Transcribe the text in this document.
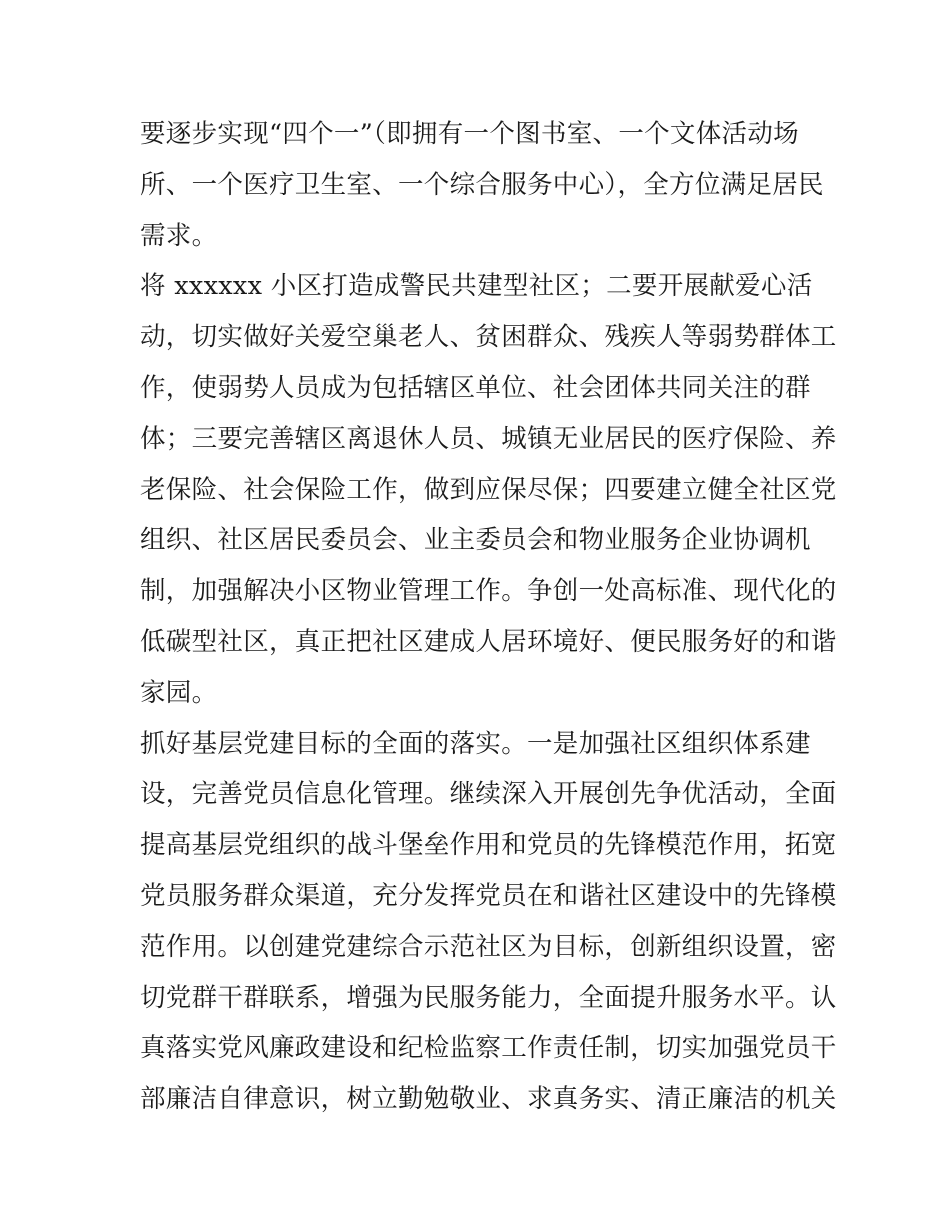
要逐步实现“四个一”（即拥有一个图书室、一个文体活动场
所、一个医疗卫生室、一个综合服务中心），全方位满足居民
需求。

将 xxxxxx 小区打造成警民共建型社区；二要开展献爱心活
动，切实做好关爱空巢老人、贫困群众、残疾人等弱势群体工
作，使弱势人员成为包括辖区单位、社会团体共同关注的群
体；三要完善辖区离退休人员、城镇无业居民的医疗保险、养
老保险、社会保险工作，做到应保尽保；四要建立健全社区党
组织、社区居民委员会、业主委员会和物业服务企业协调机
制，加强解决小区物业管理工作。争创一处高标准、现代化的
低碳型社区，真正把社区建成人居环境好、便民服务好的和谐
家园。

抓好基层党建目标的全面的落实。一是加强社区组织体系建
设，完善党员信息化管理。继续深入开展创先争优活动，全面
提高基层党组织的战斗堡垒作用和党员的先锋模范作用，拓宽
党员服务群众渠道，充分发挥党员在和谐社区建设中的先锋模
范作用。以创建党建综合示范社区为目标，创新组织设置，密
切党群干群联系，增强为民服务能力，全面提升服务水平。认
真落实党风廉政建设和纪检监察工作责任制，切实加强党员干
部廉洁自律意识，树立勤勉敬业、求真务实、清正廉洁的机关
